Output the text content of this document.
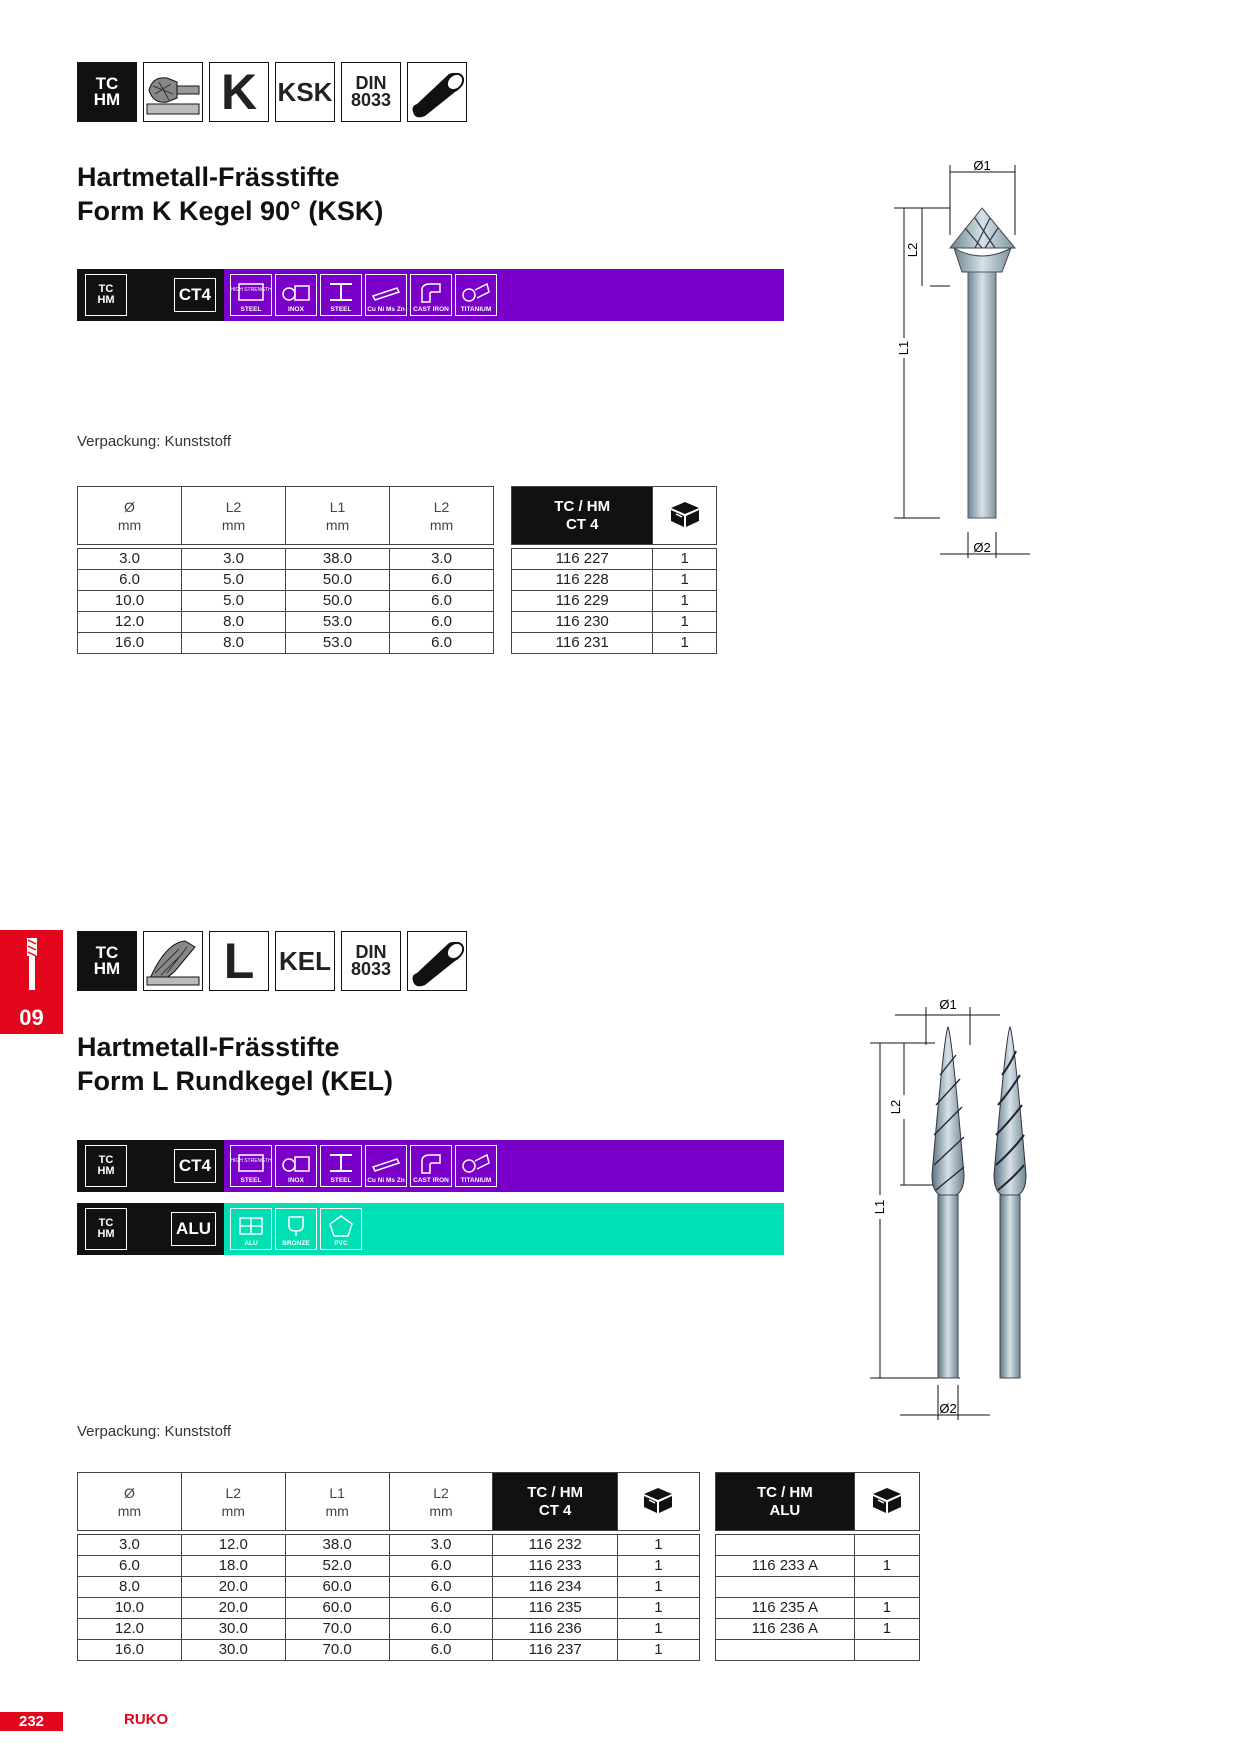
TC
HM K KSK DIN
8033
Hartmetall-Frässtifte
Form K Kegel 90° (KSK)
TC
HM	CT4	HIGH STRENGTH
STEEL	INOX	STEEL Cu Ni Ms Zn CAST IRON TITANIUM
Verpackung: Kunststoff
Ø1
L2
L1
Ø2
Ø
mm

L2
mm

L1
mm

L2
mm
TC / HM
CT 4

3.0	3.0	38.0	3.0
6.0	5.0	50.0	6.0
10.0	5.0	50.0	6.0
12.0	8.0	53.0	6.0
16.0	8.0	53.0	6.0
116 227	1
116 228	1
116 229	1
116 230	1
116 231	1
09
TC
HM L KEL DIN
8033
Hartmetall-Frässtifte
Form L Rundkegel (KEL)
TC
HM	CT4	HIGH STRENGTH
STEEL	INOX	STEEL Cu Ni Ms Zn CAST IRON TITANIUM
TC
HM	ALU
ALU	BRONZE	PVC
Verpackung: Kunststoff
Ø1
L2
L1
Ø2
Ø
mm

L2
mm

L1
mm

L2
mm

TC / HM
CT 4

TC / HM
ALU

3.0	12.0	38.0	3.0	116 232	1
6.0	18.0	52.0	6.0	116 233	1
8.0	20.0	60.0	6.0	116 234	1
10.0	20.0	60.0	6.0	116 235	1
12.0	30.0	70.0	6.0	116 236	1
16.0	30.0	70.0	6.0	116 237	1

116 233 A	1

116 235 A	1
116 236 A	1

232	RUKO
